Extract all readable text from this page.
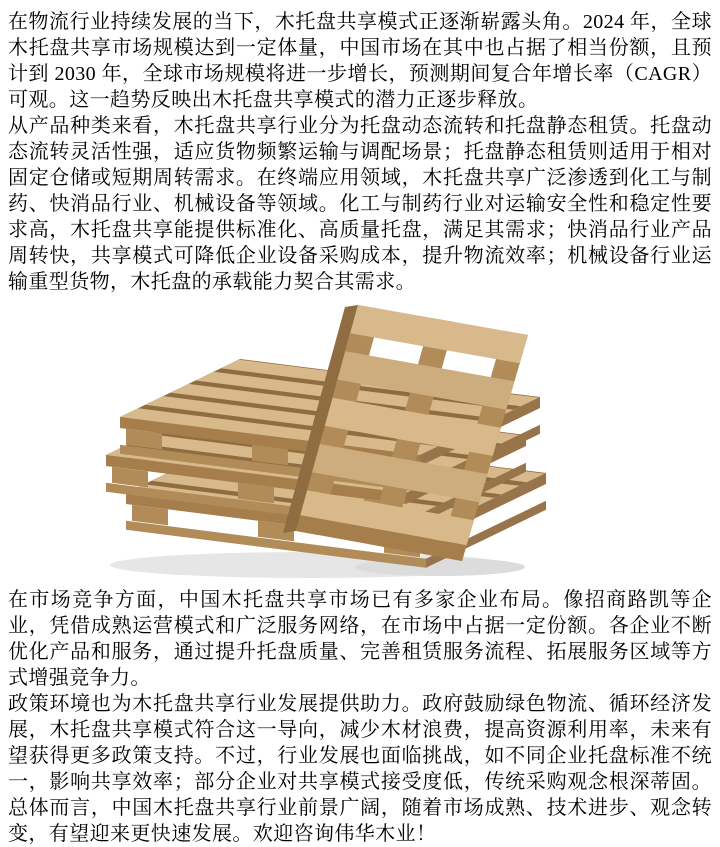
在物流行业持续发展的当下，木托盘共享模式正逐渐崭露头角。2024 年，全球木托盘共享市场规模达到一定体量，中国市场在其中也占据了相当份额，且预计到 2030 年，全球市场规模将进一步增长，预测期间复合年增长率（CAGR）可观。这一趋势反映出木托盘共享模式的潜力正逐步释放。

从产品种类来看，木托盘共享行业分为托盘动态流转和托盘静态租赁。托盘动态流转灵活性强，适应货物频繁运输与调配场景；托盘静态租赁则适用于相对固定仓储或短期周转需求。在终端应用领域，木托盘共享广泛渗透到化工与制药、快消品行业、机械设备等领域。化工与制药行业对运输安全性和稳定性要求高，木托盘共享能提供标准化、高质量托盘，满足其需求；快消品行业产品周转快，共享模式可降低企业设备采购成本，提升物流效率；机械设备行业运输重型货物，木托盘的承载能力契合其需求。

在市场竞争方面，中国木托盘共享市场已有多家企业布局。像招商路凯等企业，凭借成熟运营模式和广泛服务网络，在市场中占据一定份额。各企业不断优化产品和服务，通过提升托盘质量、完善租赁服务流程、拓展服务区域等方式增强竞争力。

政策环境也为木托盘共享行业发展提供助力。政府鼓励绿色物流、循环经济发展，木托盘共享模式符合这一导向，减少木材浪费，提高资源利用率，未来有望获得更多政策支持。不过，行业发展也面临挑战，如不同企业托盘标准不统一，影响共享效率；部分企业对共享模式接受度低，传统采购观念根深蒂固。总体而言，中国木托盘共享行业前景广阔，随着市场成熟、技术进步、观念转变，有望迎来更快速发展。欢迎咨询伟华木业！
